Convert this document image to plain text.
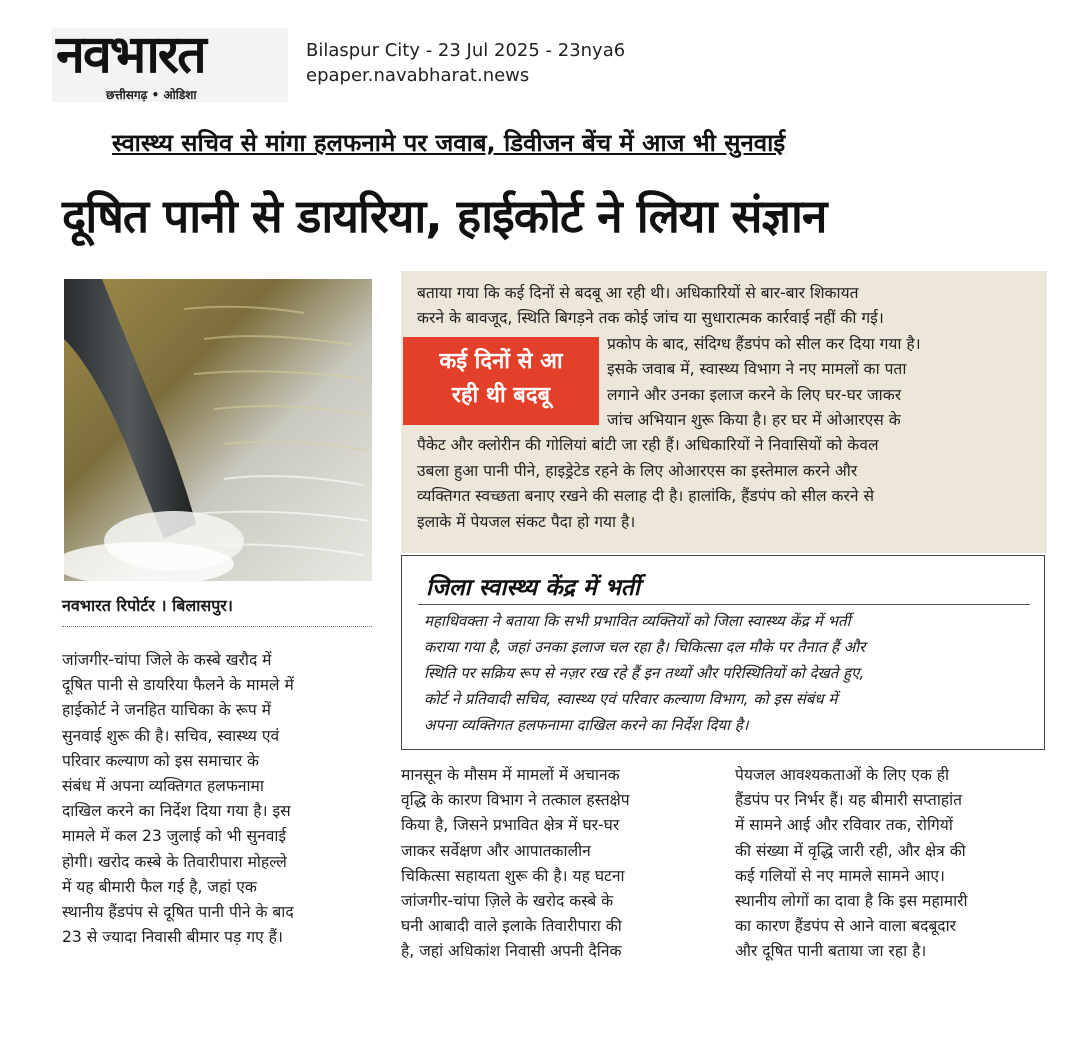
नवभारत
छत्तीसगढ़ • ओडिशा
Bilaspur City - 23 Jul 2025 - 23nya6
epaper.navabharat.news
स्वास्थ्य सचिव से मांगा हलफनामे पर जवाब, डिवीजन बेंच में आज भी सुनवाई
दूषित पानी से डायरिया, हाईकोर्ट ने लिया संज्ञान
नवभारत रिपोर्टर । बिलासपुर।
जांजगीर-चांपा जिले के कस्बे खरौद में
दूषित पानी से डायरिया फैलने के मामले में
हाईकोर्ट ने जनहित याचिका के रूप में
सुनवाई शुरू की है। सचिव, स्वास्थ्य एवं
परिवार कल्याण को इस समाचार के
संबंध में अपना व्यक्तिगत हलफनामा
दाखिल करने का निर्देश दिया गया है। इस
मामले में कल 23 जुलाई को भी सुनवाई
होगी। खरोद कस्बे के तिवारीपारा मोहल्ले
में यह बीमारी फैल गई है, जहां एक
स्थानीय हैंडपंप से दूषित पानी पीने के बाद
23 से ज्यादा निवासी बीमार पड़ गए हैं।
बताया गया कि कई दिनों से बदबू आ रही थी। अधिकारियों से बार-बार शिकायत
करने के बावजूद, स्थिति बिगड़ने तक कोई जांच या सुधारात्मक कार्रवाई नहीं की गई।
प्रकोप के बाद, संदिग्ध हैंडपंप को सील कर दिया गया है।
इसके जवाब में, स्वास्थ्य विभाग ने नए मामलों का पता
लगाने और उनका इलाज करने के लिए घर-घर जाकर
जांच अभियान शुरू किया है। हर घर में ओआरएस के
पैकेट और क्लोरीन की गोलियां बांटी जा रही हैं। अधिकारियों ने निवासियों को केवल
उबला हुआ पानी पीने, हाइड्रेटेड रहने के लिए ओआरएस का इस्तेमाल करने और
व्यक्तिगत स्वच्छता बनाए रखने की सलाह दी है। हालांकि, हैंडपंप को सील करने से
इलाके में पेयजल संकट पैदा हो गया है।
कई दिनों से आ
रही थी बदबू
जिला स्वास्थ्य केंद्र में भर्ती
महाधिवक्ता ने बताया कि सभी प्रभावित व्यक्तियों को जिला स्वास्थ्य केंद्र में भर्ती
कराया गया है, जहां उनका इलाज चल रहा है। चिकित्सा दल मौके पर तैनात हैं और
स्थिति पर सक्रिय रूप से नज़र रख रहे हैं इन तथ्यों और परिस्थितियों को देखते हुए,
कोर्ट ने प्रतिवादी सचिव, स्वास्थ्य एवं परिवार कल्याण विभाग, को इस संबंध में
अपना व्यक्तिगत हलफनामा दाखिल करने का निर्देश दिया है।
मानसून के मौसम में मामलों में अचानक
वृद्धि के कारण विभाग ने तत्काल हस्तक्षेप
किया है, जिसने प्रभावित क्षेत्र में घर-घर
जाकर सर्वेक्षण और आपातकालीन
चिकित्सा सहायता शुरू की है। यह घटना
जांजगीर-चांपा ज़िले के खरोद कस्बे के
घनी आबादी वाले इलाके तिवारीपारा की
है, जहां अधिकांश निवासी अपनी दैनिक
पेयजल आवश्यकताओं के लिए एक ही
हैंडपंप पर निर्भर हैं। यह बीमारी सप्ताहांत
में सामने आई और रविवार तक, रोगियों
की संख्या में वृद्धि जारी रही, और क्षेत्र की
कई गलियों से नए मामले सामने आए।
स्थानीय लोगों का दावा है कि इस महामारी
का कारण हैंडपंप से आने वाला बदबूदार
और दूषित पानी बताया जा रहा है।
